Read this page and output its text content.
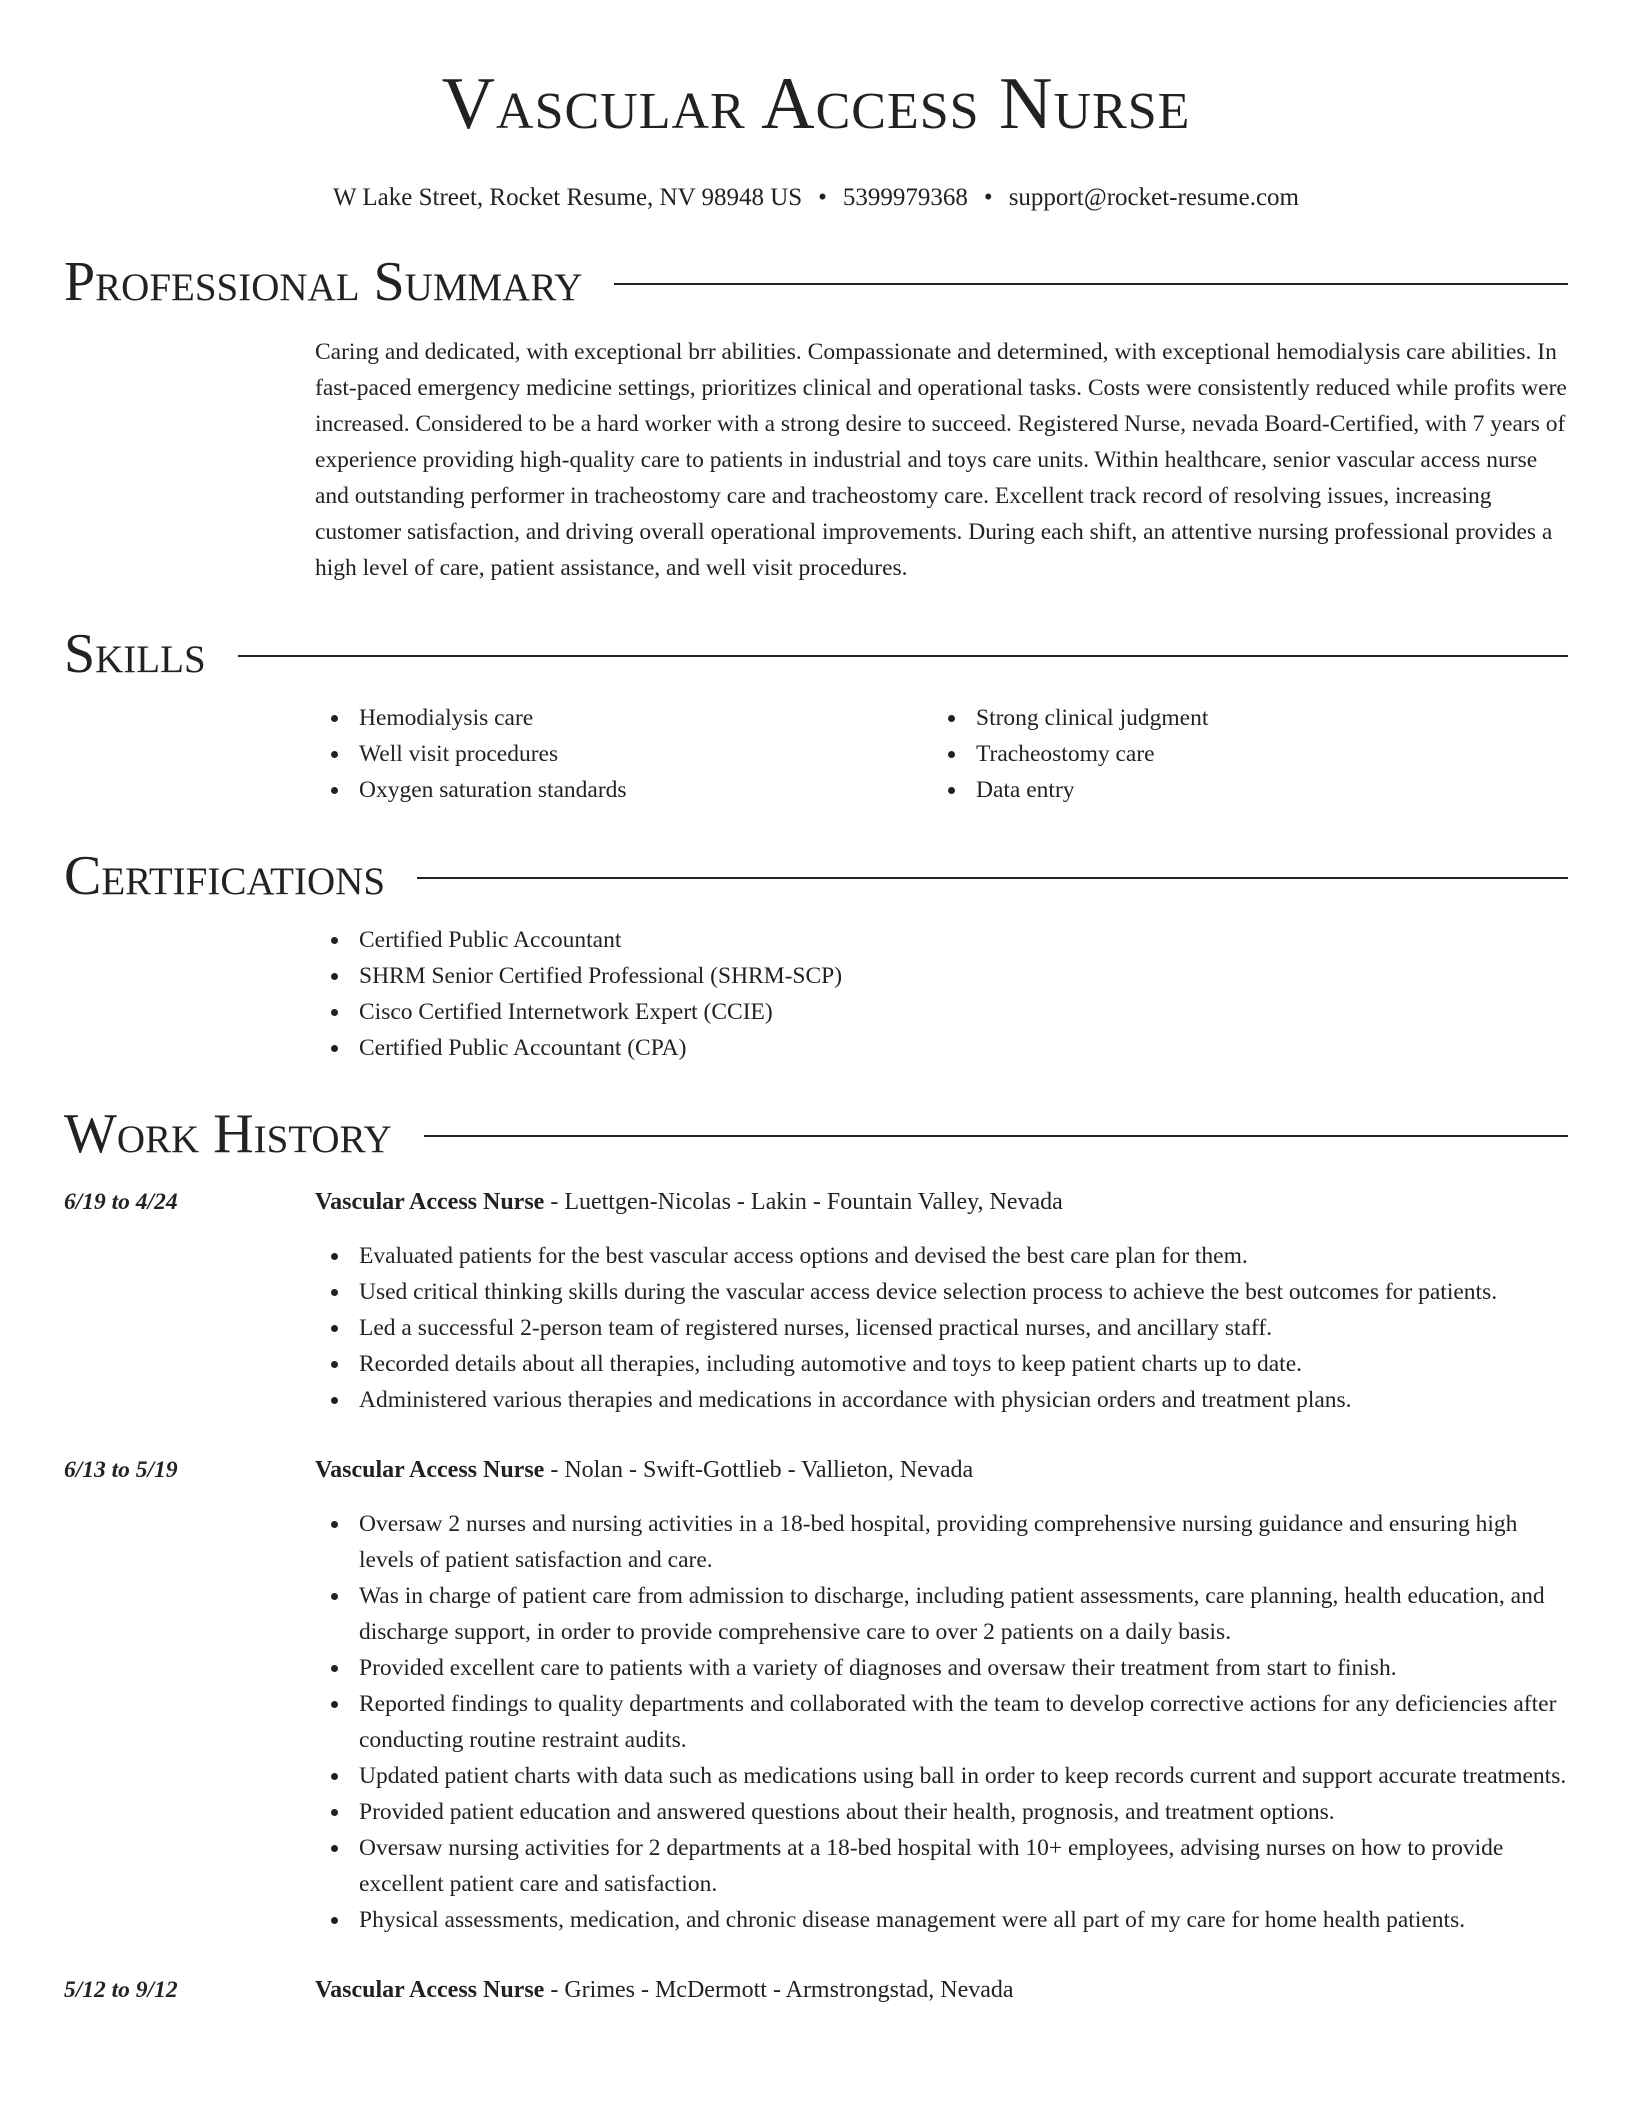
Vascular Access Nurse
W Lake Street, Rocket Resume, NV 98948 US • 5399979368 • support@rocket-resume.com
Professional Summary

Caring and dedicated, with exceptional brr abilities. Compassionate and determined, with exceptional hemodialysis care abilities. In fast-paced emergency medicine settings, prioritizes clinical and operational tasks. Costs were consistently reduced while profits were increased. Considered to be a hard worker with a strong desire to succeed. Registered Nurse, nevada Board-Certified, with 7 years of experience providing high-quality care to patients in industrial and toys care units. Within healthcare, senior vascular access nurse and outstanding performer in tracheostomy care and tracheostomy care. Excellent track record of resolving issues, increasing customer satisfaction, and driving overall operational improvements. During each shift, an attentive nursing professional provides a high level of care, patient assistance, and well visit procedures.

Skills
Hemodialysis care
Well visit procedures
Oxygen saturation standards
Strong clinical judgment
Tracheostomy care
Data entry
Certifications
Certified Public Accountant
SHRM Senior Certified Professional (SHRM-SCP)
Cisco Certified Internetwork Expert (CCIE)
Certified Public Accountant (CPA)
Work History
6/19 to 4/24	Vascular Access Nurse - Luettgen-Nicolas - Lakin - Fountain Valley, Nevada
Evaluated patients for the best vascular access options and devised the best care plan for them.
Used critical thinking skills during the vascular access device selection process to achieve the best outcomes for patients.
Led a successful 2-person team of registered nurses, licensed practical nurses, and ancillary staff.
Recorded details about all therapies, including automotive and toys to keep patient charts up to date.
Administered various therapies and medications in accordance with physician orders and treatment plans.
6/13 to 5/19	Vascular Access Nurse - Nolan - Swift-Gottlieb - Vallieton, Nevada
Oversaw 2 nurses and nursing activities in a 18-bed hospital, providing comprehensive nursing guidance and ensuring high levels of patient satisfaction and care.
Was in charge of patient care from admission to discharge, including patient assessments, care planning, health education, and discharge support, in order to provide comprehensive care to over 2 patients on a daily basis.
Provided excellent care to patients with a variety of diagnoses and oversaw their treatment from start to finish.
Reported findings to quality departments and collaborated with the team to develop corrective actions for any deficiencies after conducting routine restraint audits.
Updated patient charts with data such as medications using ball in order to keep records current and support accurate treatments.
Provided patient education and answered questions about their health, prognosis, and treatment options.
Oversaw nursing activities for 2 departments at a 18-bed hospital with 10+ employees, advising nurses on how to provide excellent patient care and satisfaction.
Physical assessments, medication, and chronic disease management were all part of my care for home health patients.
5/12 to 9/12	Vascular Access Nurse - Grimes - McDermott - Armstrongstad, Nevada
